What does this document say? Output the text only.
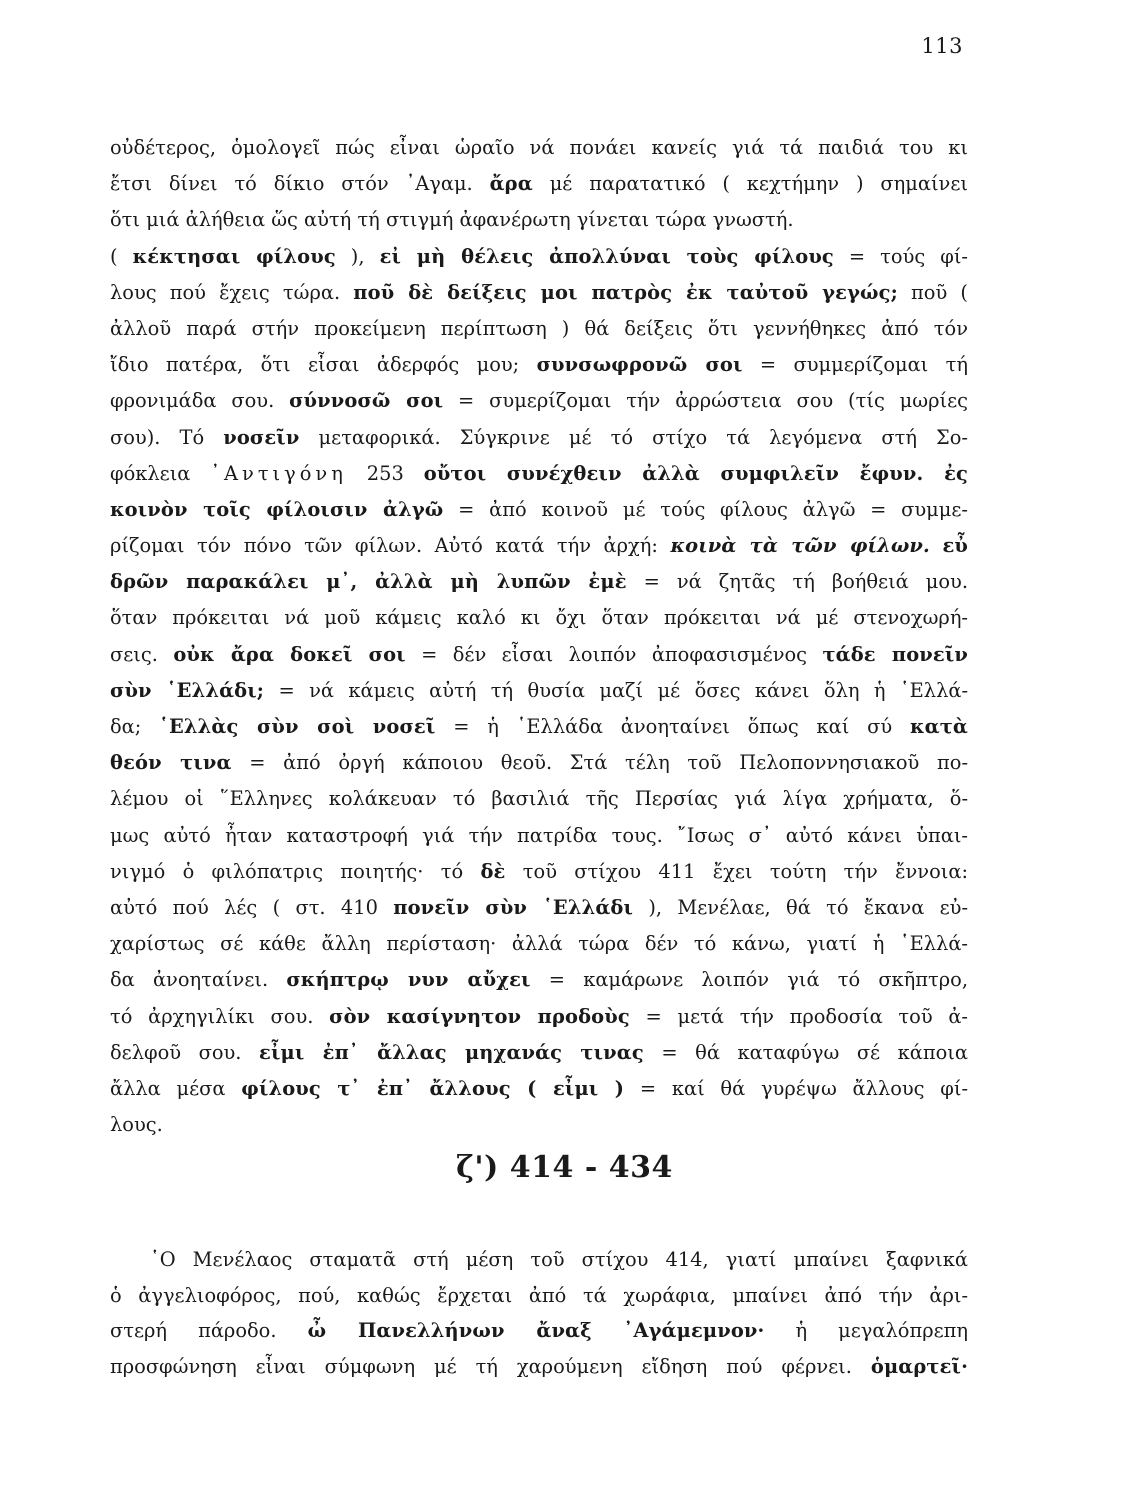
113
οὐδέτερος, ὁμολογεῖ πώς εἶναι ὡραῖο νά πονάει κανείς γιά τά παιδιά του κι
ἔτσι δίνει τό δίκιο στόν ᾿Αγαμ. ἄρα μέ παρατατικό ( κεχτήμην ) σημαίνει
ὅτι μιά ἀλήθεια ὥς αὐτή τή στιγμή ἀφανέρωτη γίνεται τώρα γνωστή.
( κέκτησαι φίλους ), εἰ μὴ θέλεις ἀπολλύναι τοὺς φίλους = τούς φί-
λους πού ἔχεις τώρα. ποῦ δὲ δείξεις μοι πατρὸς ἐκ ταὐτοῦ γεγώς; ποῦ (
ἀλλοῦ παρά στήν προκείμενη περίπτωση ) θά δείξεις ὅτι γεννήθηκες ἀπό τόν
ἴδιο πατέρα, ὅτι εἶσαι ἀδερφός μου; συνσωφρονῶ σοι = συμμερίζομαι τή
φρονιμάδα σου. σύννοσῶ σοι = συμερίζομαι τήν ἀρρώστεια σου (τίς μωρίες
σου). Τό νοσεῖν μεταφορικά. Σύγκρινε μέ τό στίχο τά λεγόμενα στή Σο-
φόκλεια ᾿Αντιγόνη 253 οὔτοι συνέχθειν ἀλλὰ συμφιλεῖν ἔφυν. ἐς
κοινὸν τοῖς φίλοισιν ἀλγῶ = ἀπό κοινοῦ μέ τούς φίλους ἀλγῶ = συμμε-
ρίζομαι τόν πόνο τῶν φίλων. Αὐτό κατά τήν ἀρχή: κοινὰ τὰ τῶν φίλων. εὖ
δρῶν παρακάλει μ᾿, ἀλλὰ μὴ λυπῶν ἐμὲ = νά ζητᾶς τή βοήθειά μου.
ὅταν πρόκειται νά μοῦ κάμεις καλό κι ὄχι ὅταν πρόκειται νά μέ στενοχωρή-
σεις. οὐκ ἄρα δοκεῖ σοι = δέν εἶσαι λοιπόν ἀποφασισμένος τάδε πονεῖν
σὺν ῾Ελλάδι; = νά κάμεις αὐτή τή θυσία μαζί μέ ὅσες κάνει ὅλη ἡ ῾Ελλά-
δα; ῾Ελλὰς σὺν σοὶ νοσεῖ = ἡ ῾Ελλάδα ἀνοηταίνει ὅπως καί σύ κατὰ
θεόν τινα = ἀπό ὀργή κάποιου θεοῦ. Στά τέλη τοῦ Πελοποννησιακοῦ πο-
λέμου οἱ ῞Ελληνες κολάκευαν τό βασιλιά τῆς Περσίας γιά λίγα χρήματα, ὅ-
μως αὐτό ἦταν καταστροφή γιά τήν πατρίδα τους. ῎Ισως σ᾿ αὐτό κάνει ὑπαι-
νιγμό ὁ φιλόπατρις ποιητής· τό δὲ τοῦ στίχου 411 ἔχει τούτη τήν ἔννοια:
αὐτό πού λές ( στ. 410 πονεῖν σὺν ῾Ελλάδι ), Μενέλαε, θά τό ἔκανα εὐ-
χαρίστως σέ κάθε ἄλλη περίσταση· ἀλλά τώρα δέν τό κάνω, γιατί ἡ ῾Ελλά-
δα ἀνοηταίνει. σκήπτρῳ νυν αὔχει = καμάρωνε λοιπόν γιά τό σκῆπτρο,
τό ἀρχηγιλίκι σου. σὸν κασίγνητον προδοὺς = μετά τήν προδοσία τοῦ ἀ-
δελφοῦ σου. εἶμι ἐπ᾿ ἄλλας μηχανάς τινας = θά καταφύγω σέ κάποια
ἄλλα μέσα φίλους τ᾿ ἐπ᾿ ἄλλους ( εἶμι ) = καί θά γυρέψω ἄλλους φί-
λους.
ζ') 414 - 434
῾Ο Μενέλαος σταματᾶ στή μέση τοῦ στίχου 414, γιατί μπαίνει ξαφνικά
ὁ ἀγγελιοφόρος, πού, καθώς ἔρχεται ἀπό τά χωράφια, μπαίνει ἀπό τήν ἀρι-
στερή πάροδο. ὦ Πανελλήνων ἄναξ ᾿Αγάμεμνον· ἡ μεγαλόπρεπη
προσφώνηση εἶναι σύμφωνη μέ τή χαρούμενη εἴδηση πού φέρνει. ὁμαρτεῖ·
